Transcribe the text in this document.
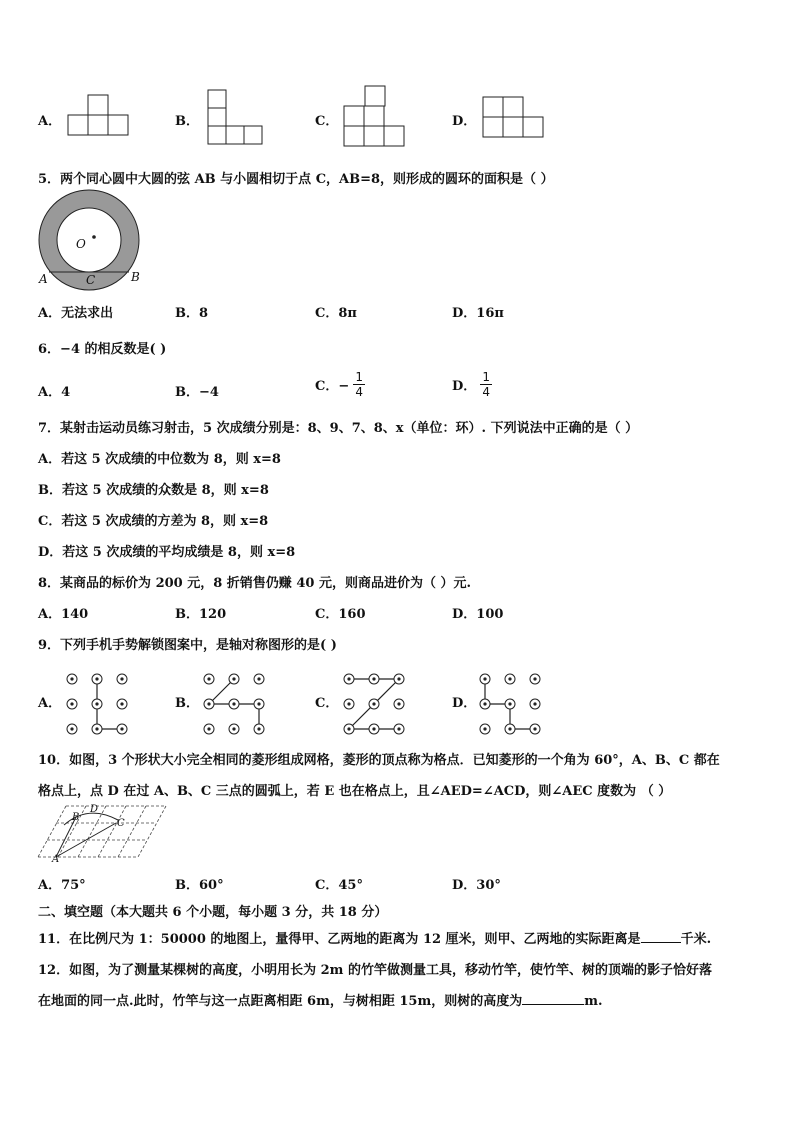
A．	B．	C．	D．
5．两个同心圆中大圆的弦 AB 与小圆相切于点 C，AB=8，则形成的圆环的面积是（ ）
O
A	B
C
A．无法求出	B．8	C．8π	D．16π
6．−4 的相反数是( )
A．4	B．−4	C．− $\frac{1}{4}$	D． $\frac{1}{4}$
7．某射击运动员练习射击，5 次成绩分别是：8、9、7、8、x（单位：环）. 下列说法中正确的是（ ）
A．若这 5 次成绩的中位数为 8，则 x=8
B．若这 5 次成绩的众数是 8，则 x=8
C．若这 5 次成绩的方差为 8，则 x=8
D．若这 5 次成绩的平均成绩是 8，则 x=8
8．某商品的标价为 200 元，8 折销售仍赚 40 元，则商品进价为（ ）元.
A．140	B．120	C．160	D．100
9．下列手机手势解锁图案中，是轴对称图形的是( )
A．	B．	C．	D．
10．如图，3 个形状大小完全相同的菱形组成网格，菱形的顶点称为格点．已知菱形的一个角为 60°，A、B、C 都在
格点上，点 D 在过 A、B、C 三点的圆弧上，若 E 也在格点上，且∠AED=∠ACD，则∠AEC 度数为 （ ）
D
B
C
A
A．75°	B．60°	C．45°	D．30°
二、填空题（本大题共 6 个小题，每小题 3 分，共 18 分）
11．在比例尺为 1：50000 的地图上，量得甲、乙两地的距离为 12 厘米，则甲、乙两地的实际距离是	千米.
12．如图，为了测量某棵树的高度，小明用长为 2m 的竹竿做测量工具，移动竹竿，使竹竿、树的顶端的影子恰好落
在地面的同一点.此时，竹竿与这一点距离相距 6m，与树相距 15m，则树的高度为	m.
